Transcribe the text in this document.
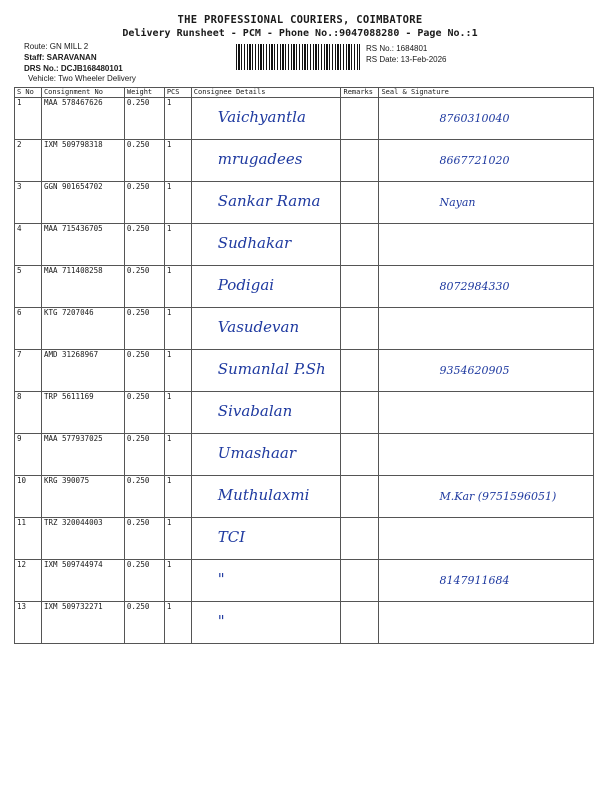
THE PROFESSIONAL COURIERS, COIMBATORE
Delivery Runsheet - PCM - Phone No.:9047088280 - Page No.:1
Route: GN MILL 2
Staff: SARAVANAN
DRS No.: DCJB168480101
Vehicle: Two Wheeler Delivery
RS No.: 1684801
RS Date: 13-Feb-2026
S No	Consignment No	Weight	PCS	Consignee Details	Remarks	Seal & Signature
1	MAA 578467626	0.250	1	Vaichyantla		8760310040

2	IXM 509798318	0.250	1	mrugadees		8667721020

3	GGN 901654702	0.250	1	Sankar Rama		Nayan

4	MAA 715436705	0.250	1	Sudhakar		

5	MAA 711408258	0.250	1	Podigai		8072984330

6	KTG 7207046	0.250	1	Vasudevan		

7	AMD 31268967	0.250	1	Sumanlal P.Sh		9354620905

8	TRP 5611169	0.250	1	Sivabalan		

9	MAA 577937025	0.250	1	Umashaar		

10	KRG 390075	0.250	1	Muthulaxmi		M.Kar (9751596051)

11	TRZ 320044003	0.250	1	TCI		

12	IXM 509744974	0.250	1	"		8147911684

13	IXM 509732271	0.250	1	"		
